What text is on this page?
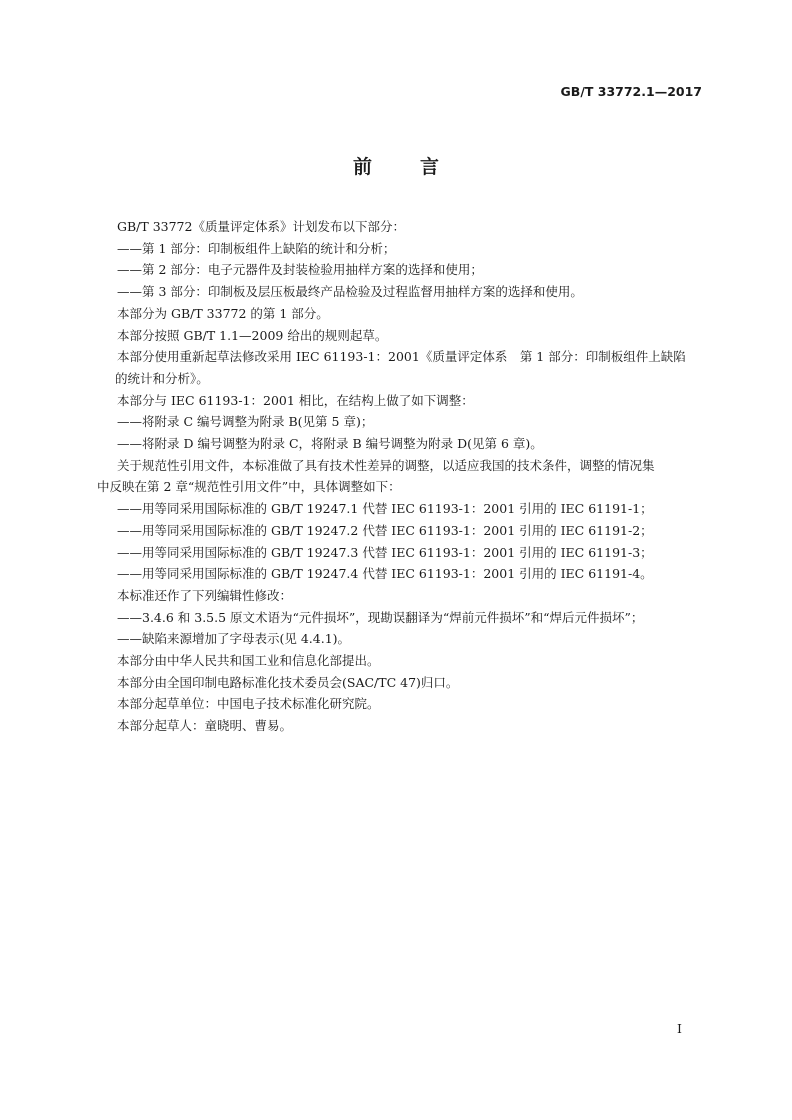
GB/T 33772.1—2017
前言

GB/T 33772《质量评定体系》计划发布以下部分：

——第 1 部分：印制板组件上缺陷的统计和分析；

——第 2 部分：电子元器件及封装检验用抽样方案的选择和使用；

——第 3 部分：印制板及层压板最终产品检验及过程监督用抽样方案的选择和使用。

本部分为 GB/T 33772 的第 1 部分。

本部分按照 GB/T 1.1—2009 给出的规则起草。

本部分使用重新起草法修改采用 IEC 61193-1：2001《质量评定体系　第 1 部分：印制板组件上缺陷

的统计和分析》。

本部分与 IEC 61193-1：2001 相比，在结构上做了如下调整：

——将附录 C 编号调整为附录 B(见第 5 章)；

——将附录 D 编号调整为附录 C，将附录 B 编号调整为附录 D(见第 6 章)。

关于规范性引用文件，本标准做了具有技术性差异的调整，以适应我国的技术条件，调整的情况集

中反映在第 2 章“规范性引用文件”中，具体调整如下：

——用等同采用国际标准的 GB/T 19247.1 代替 IEC 61193-1：2001 引用的 IEC 61191-1；

——用等同采用国际标准的 GB/T 19247.2 代替 IEC 61193-1：2001 引用的 IEC 61191-2；

——用等同采用国际标准的 GB/T 19247.3 代替 IEC 61193-1：2001 引用的 IEC 61191-3；

——用等同采用国际标准的 GB/T 19247.4 代替 IEC 61193-1：2001 引用的 IEC 61191-4。

本标准还作了下列编辑性修改：

——3.4.6 和 3.5.5 原文术语为“元件损坏”，现勘误翻译为“焊前元件损坏”和“焊后元件损坏”；

——缺陷来源增加了字母表示(见 4.4.1)。

本部分由中华人民共和国工业和信息化部提出。

本部分由全国印制电路标准化技术委员会(SAC/TC 47)归口。

本部分起草单位：中国电子技术标准化研究院。

本部分起草人：童晓明、曹易。

I
